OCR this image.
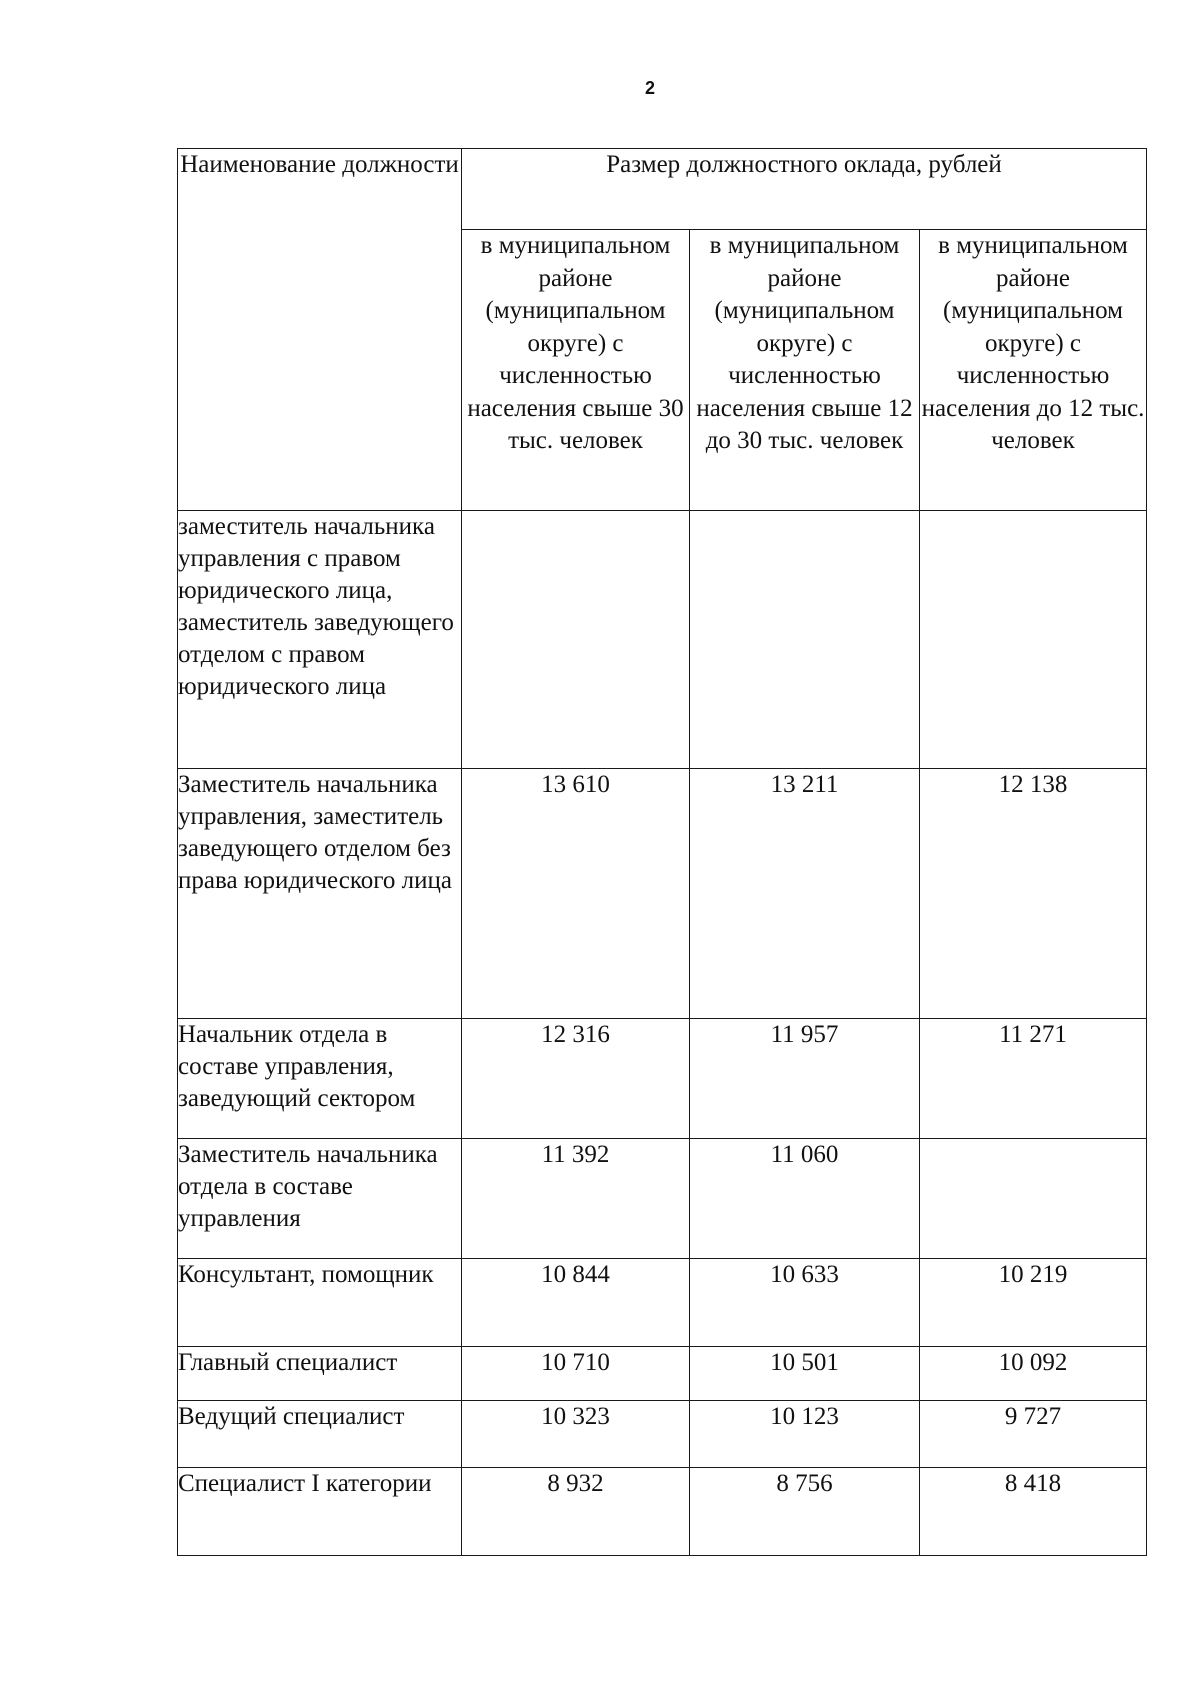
2
Наименование должности	Размер должностного оклада, рублей		
	в муниципальном районе (муниципальном округе) с численностью населения свыше 30 тыс. человек	в муниципальном районе (муниципальном округе) с численностью населения свыше 12 до 30 тыс. человек	в муниципальном районе (муниципальном округе) с численностью населения до 12 тыс. человек
заместитель начальника управления с правом юридического лица, заместитель заведующего отделом с правом юридического лица			
Заместитель начальника управления, заместитель заведующего отделом без права юридического лица	13 610	13 211	12 138
Начальник отдела в составе управления, заведующий сектором	12 316	11 957	11 271
Заместитель начальника отдела в составе управления	11 392	11 060	
Консультант, помощник	10 844	10 633	10 219
Главный специалист	10 710	10 501	10 092
Ведущий специалист	10 323	10 123	9 727
Специалист I категории	8 932	8 756	8 418
